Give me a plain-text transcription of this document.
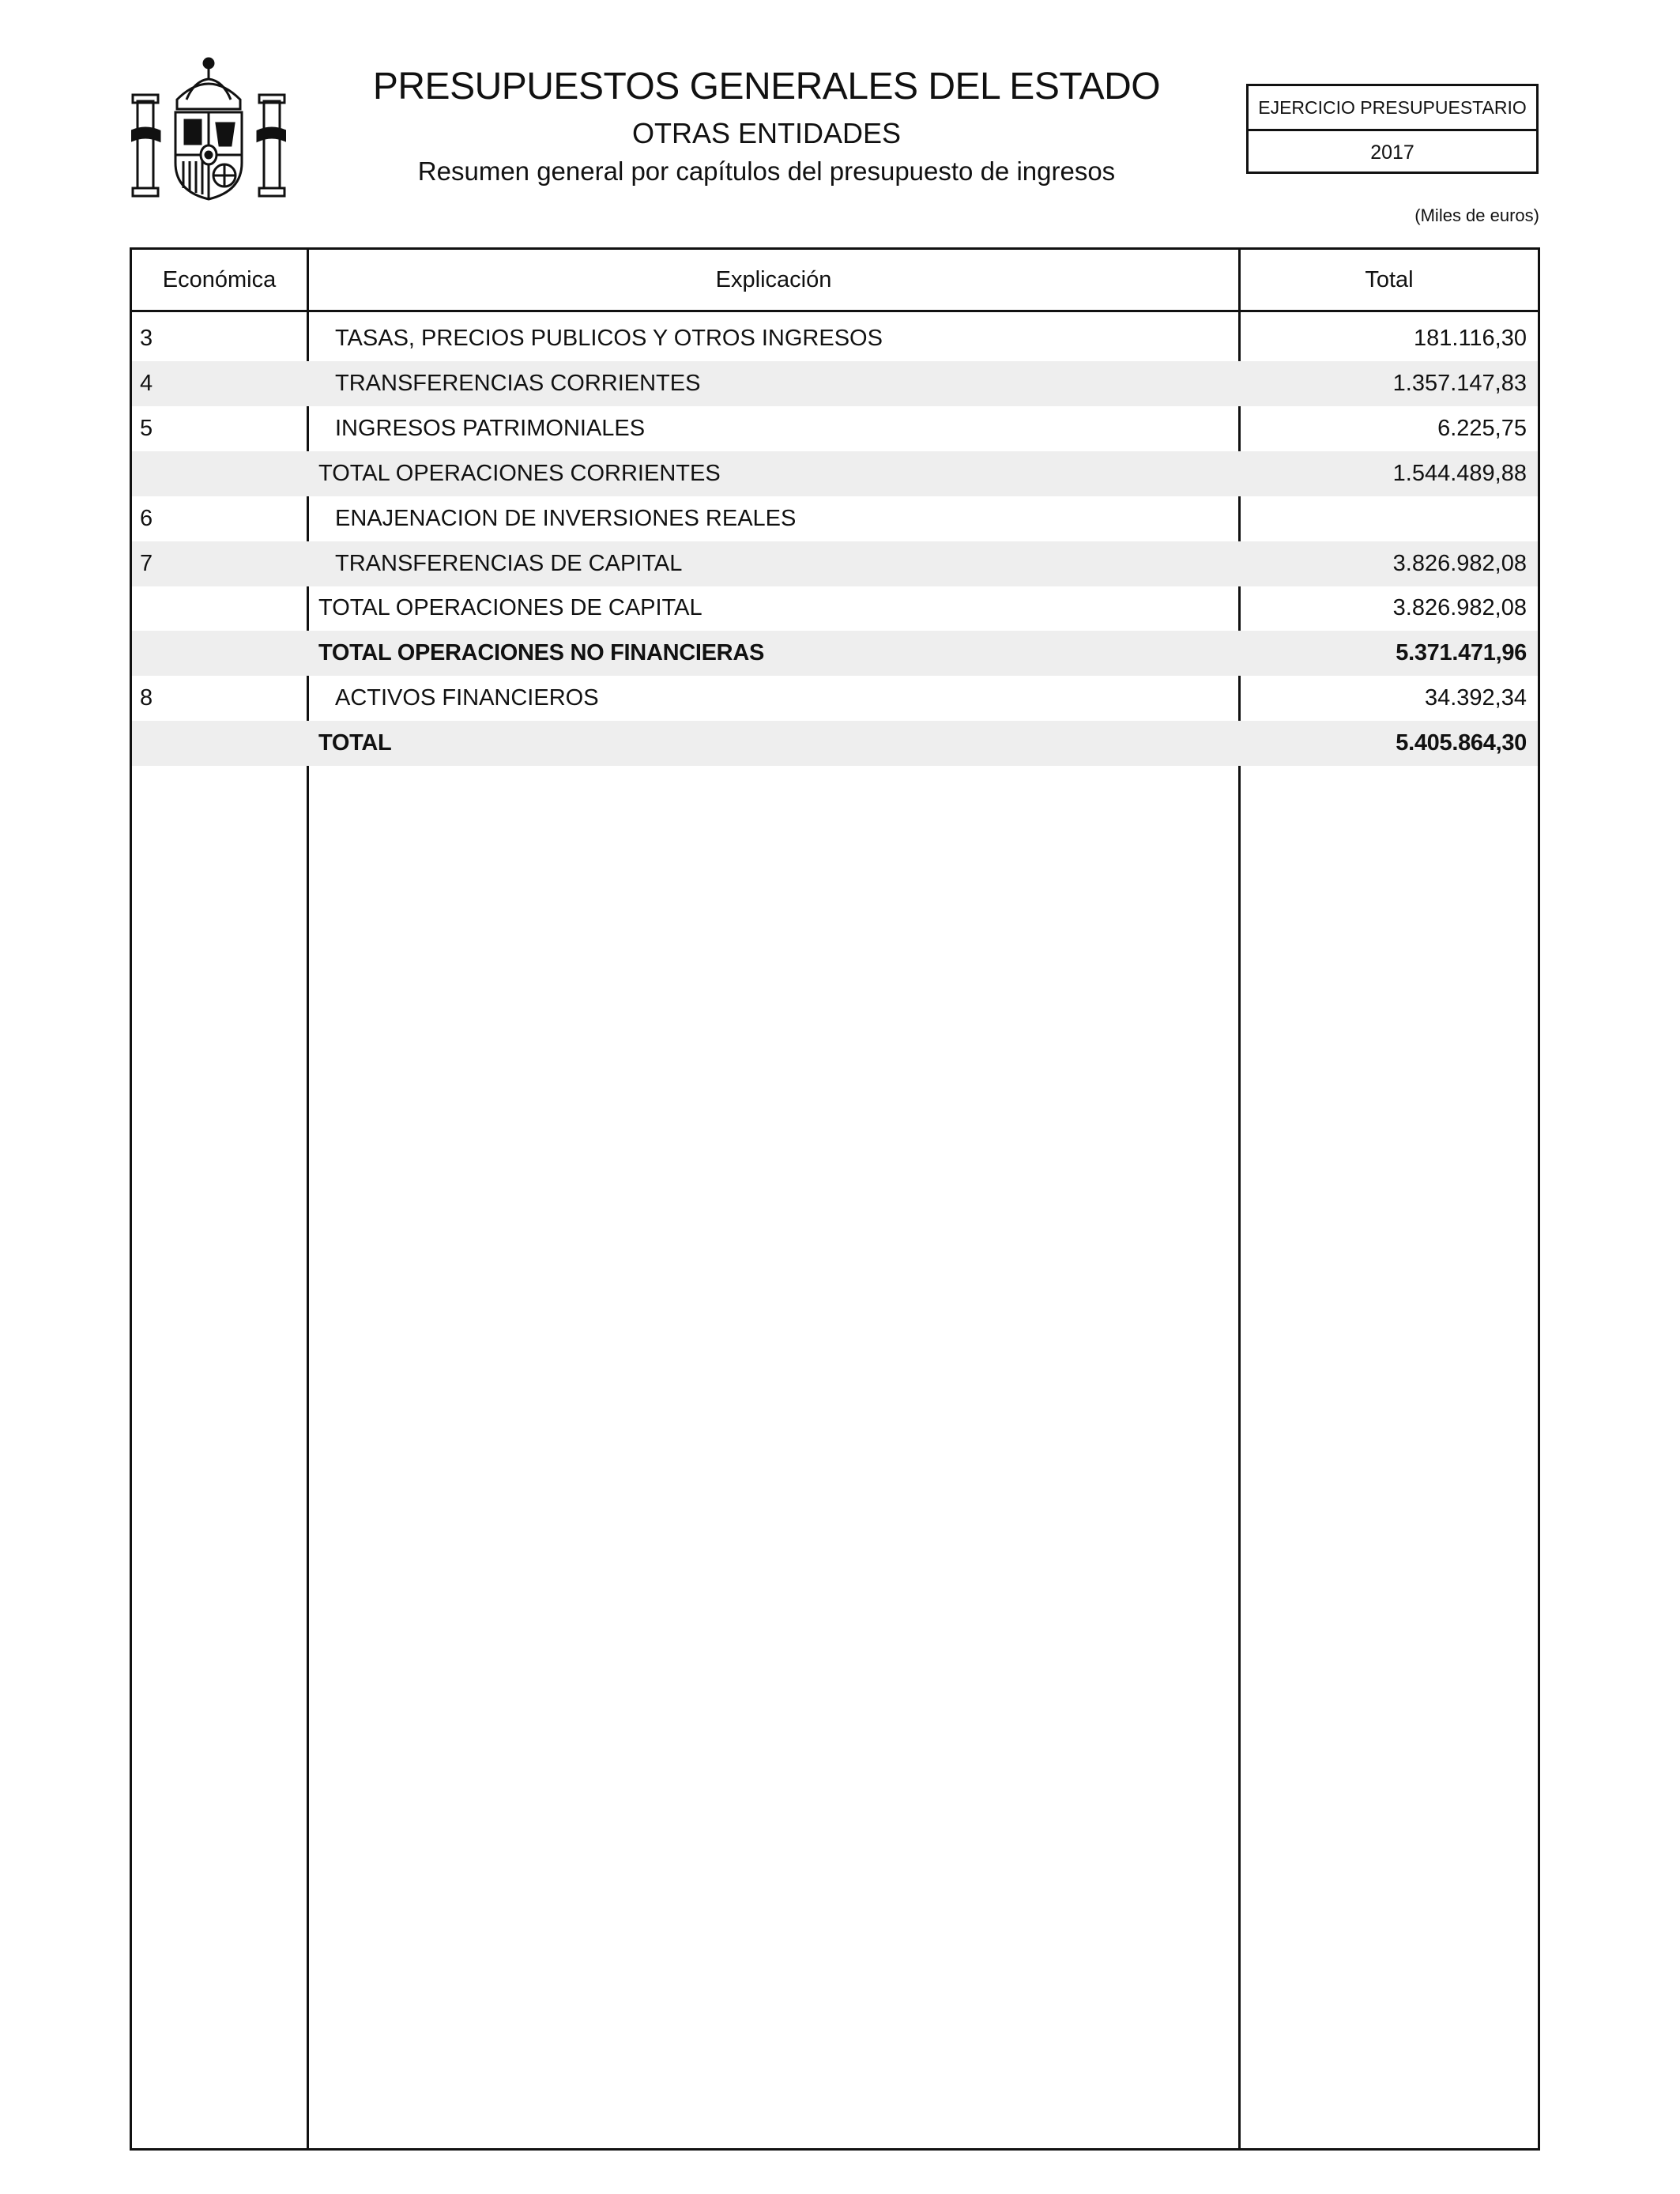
PRESUPUESTOS GENERALES DEL ESTADO
OTRAS ENTIDADES
Resumen general por capítulos del presupuesto de ingresos
EJERCICIO PRESUPUESTARIO
2017
(Miles de euros)
Económica	Explicación	Total
3	TASAS, PRECIOS PUBLICOS Y OTROS INGRESOS	181.116,30
4	TRANSFERENCIAS CORRIENTES	1.357.147,83
5	INGRESOS PATRIMONIALES	6.225,75
TOTAL OPERACIONES CORRIENTES	1.544.489,88
6	ENAJENACION DE INVERSIONES REALES
7	TRANSFERENCIAS DE CAPITAL	3.826.982,08
TOTAL OPERACIONES DE CAPITAL	3.826.982,08
TOTAL OPERACIONES NO FINANCIERAS	5.371.471,96
8	ACTIVOS FINANCIEROS	34.392,34
TOTAL	5.405.864,30
